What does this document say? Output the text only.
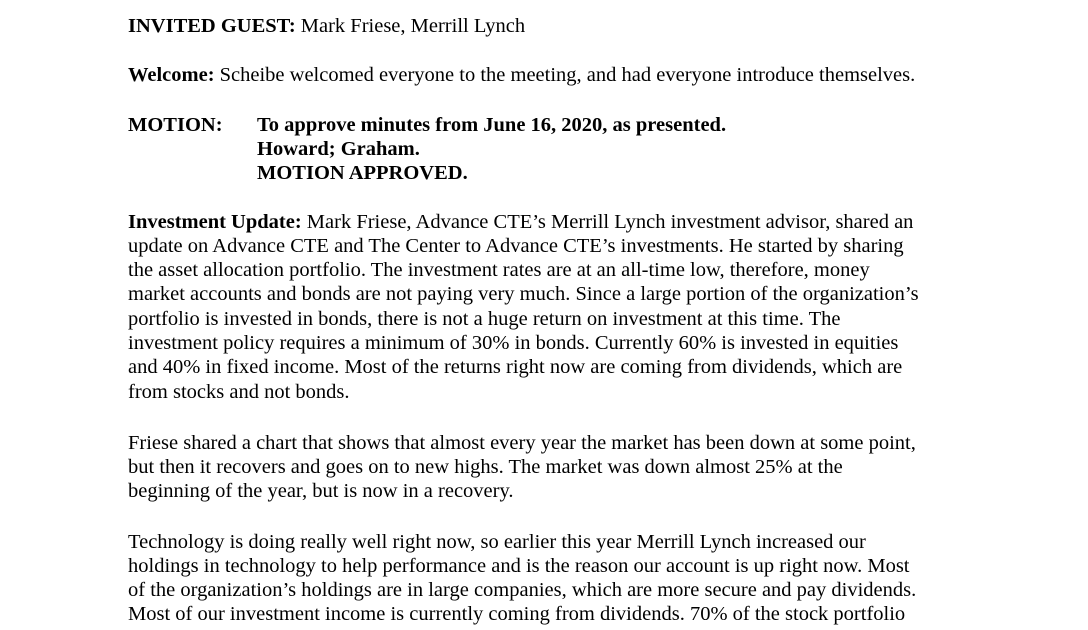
INVITED GUEST: Mark Friese, Merrill Lynch
Welcome: Scheibe welcomed everyone to the meeting, and had everyone introduce themselves.
MOTION: To approve minutes from June 16, 2020, as presented.
Howard; Graham.
MOTION APPROVED.
Investment Update: Mark Friese, Advance CTE’s Merrill Lynch investment advisor, shared an
update on Advance CTE and The Center to Advance CTE’s investments. He started by sharing
the asset allocation portfolio. The investment rates are at an all-time low, therefore, money
market accounts and bonds are not paying very much. Since a large portion of the organization’s
portfolio is invested in bonds, there is not a huge return on investment at this time. The
investment policy requires a minimum of 30% in bonds. Currently 60% is invested in equities
and 40% in fixed income. Most of the returns right now are coming from dividends, which are
from stocks and not bonds.
Friese shared a chart that shows that almost every year the market has been down at some point,
but then it recovers and goes on to new highs. The market was down almost 25% at the
beginning of the year, but is now in a recovery.
Technology is doing really well right now, so earlier this year Merrill Lynch increased our
holdings in technology to help performance and is the reason our account is up right now. Most
of the organization’s holdings are in large companies, which are more secure and pay dividends.
Most of our investment income is currently coming from dividends. 70% of the stock portfolio
